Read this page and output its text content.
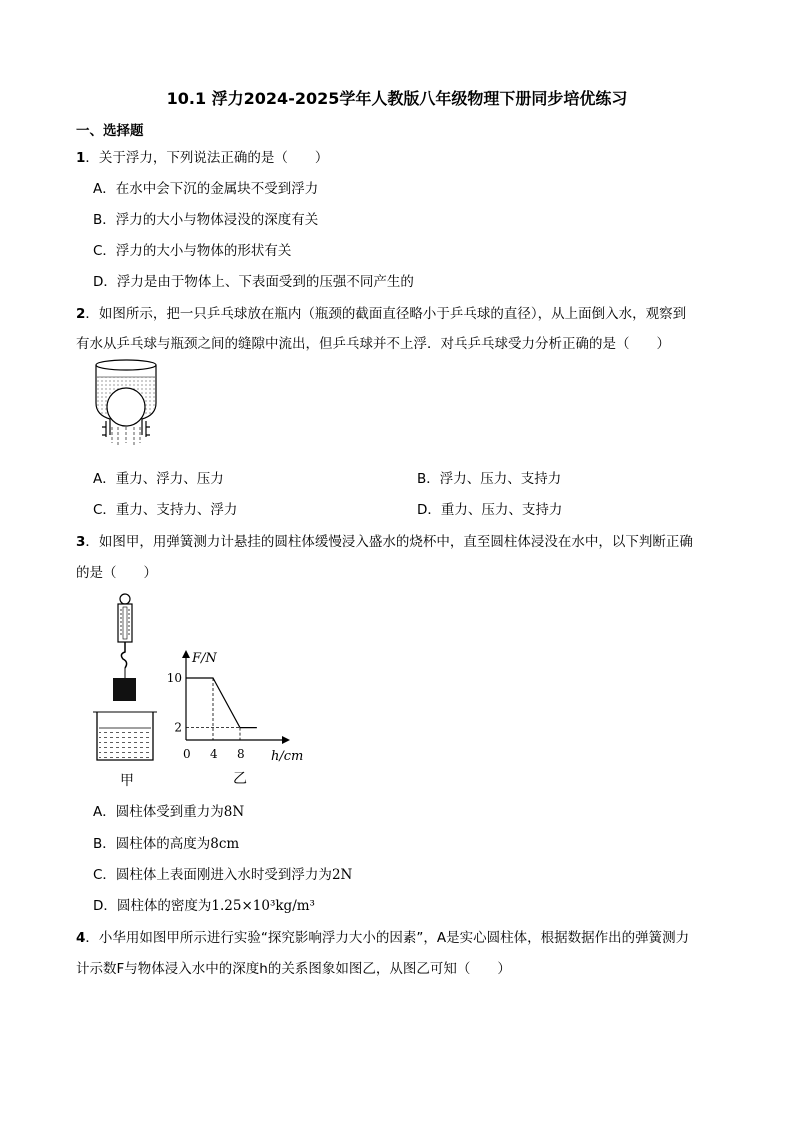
10.1 浮力2024-2025学年人教版八年级物理下册同步培优练习
一、选择题
1．关于浮力，下列说法正确的是（　　）
A．在水中会下沉的金属块不受到浮力
B．浮力的大小与物体浸没的深度有关
C．浮力的大小与物体的形状有关
D．浮力是由于物体上、下表面受到的压强不同产生的
2．如图所示，把一只乒乓球放在瓶内（瓶颈的截面直径略小于乒乓球的直径），从上面倒入水，观察到
有水从乒乓球与瓶颈之间的缝隙中流出，但乒乓球并不上浮．对乓乒乓球受力分析正确的是（　　）
A．重力、浮力、压力	B．浮力、压力、支持力
C．重力、支持力、浮力	D．重力、压力、支持力
3．如图甲，用弹簧测力计悬挂的圆柱体缓慢浸入盛水的烧杯中，直至圆柱体浸没在水中，以下判断正确
的是（　　）
甲
0 4 8
10
2
F/N
h/cm
乙
A．圆柱体受到重力为8N
B．圆柱体的高度为8cm
C．圆柱体上表面刚进入水时受到浮力为2N
D．圆柱体的密度为1.25×10³kg/m³
4．小华用如图甲所示进行实验“探究影响浮力大小的因素”，A是实心圆柱体，根据数据作出的弹簧测力
计示数F与物体浸入水中的深度h的关系图象如图乙，从图乙可知（　　）
